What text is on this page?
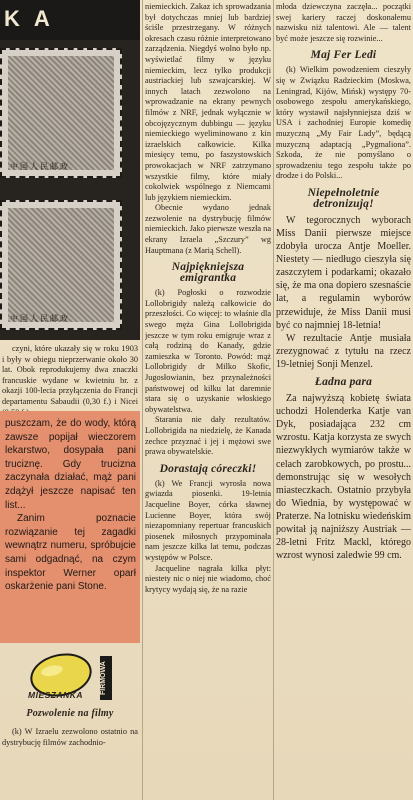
KA
中国人民邮政
中国人民邮政

czyni, które ukazały się w roku 1903 i były w obiegu nieprzerwanie około 30 lat. Obok reprodukujemy dwa znaczki francuskie wydane w kwietniu br. z okazji 100-lecia przyłączenia do Francji departamentu Sabaudii (0,30 f.) i Nicei

puszczam, że do wody, którą zawsze popijał wieczorem lekarstwo, dosypała pani truciznę. Gdy trucizna zaczynała działać, mąż pani zdążył jeszcze napisać ten list...

Zanim poznacie rozwiązanie tej zagadki wewnątrz numeru, spróbujcie sami odgadnąć, na czym inspektor Werner oparł oskarżenie pani Stone.

MIESZANKA
FIRMOWA
Pozwolenie na filmy

(k) W Izraelu zezwolono ostatnio na dystrybucję filmów zachodnio-

niemieckich. Zakaz ich sprowadzania był dotychczas mniej lub bardziej ściśle przestrzegany. W różnych okresach czasu różnie interpretowano zarządzenia. Niegdyś wolno było np. wyświetlać filmy w języku niemieckim, lecz tylko produkcji austriackiej lub szwajcarskiej. W innych latach zezwolono na wprowadzanie na ekrany pewnych filmów z NRF, jednak wyłącznie w obcojęzycznym dubbingu — języku niemieckiego wyeliminowano z kin izraelskich całkowicie. Kilka miesięcy temu, po faszystowskich prowokacjach w NRF zatrzymano wszystkie filmy, które miały cokolwiek wspólnego z Niemcami lub językiem niemieckim.

Obecnie wydano jednak zezwolenie na dystrybucję filmów niemieckich. Jako pierwsze weszła na ekrany Izraela „Szczury” wg Hauptmana (z Marią Schell).

Najpiękniejsza emigrantka

(k) Pogłoski o rozwodzie Lollobrigidy należą całkowicie do przeszłości. Co więcej: to właśnie dla swego męża Gina Lollobrigida jeszcze w tym roku emigruje wraz z całą rodziną do Kanady, gdzie zamieszka w Toronto. Powód: mąż Lollobrigidy dr Milko Skofic, Jugosłowianin, bez przynależności państwowej od kilku lat daremnie stara się o uzyskanie włoskiego obywatelstwa.

Starania nie dały rezultatów. Lollobrigida na niedzielę, że Kanada zechce przyznać i jej i mężowi swe prawa obywatelskie.

Dorastają córeczki!

(k) We Francji wyrosła nowa gwiazda piosenki. 19-letnia Jacqueline Boyer, córka sławnej Lucienne Boyer, która swój niezapomniany repertuar francuskich piosenek miłosnych przypominała nam jeszcze kilka lat temu, podczas występów w Polsce.

Jacqueline nagrała kilka płyt: niestety nic o niej nie wiadomo, choć krytycy wydają się, że na razie

młoda dziewczyna zaczęła... początki swej kariery raczej doskonałemu nazwisku niż talentowi. Ale — talent być może jeszcze się rozwinie...

Maj Fer Ledi

(k) Wielkim powodzeniem cieszyły się w Związku Radzieckim (Moskwa, Leningrad, Kijów, Mińsk) występy 70-osobowego zespołu amerykańskiego, który wystawił najsłynniejsza dziś w USA i zachodniej Europie komedię muzyczną „My Fair Lady”, będącą muzyczną adaptacją „Pygmaliona”. Szkoda, że nie pomyślano o sprowadzeniu tego zespołu także po drodze i do Polski...

Niepełnoletnie detronizują!

W tegorocznych wyborach Miss Danii pierwsze miejsce zdobyła urocza Antje Moeller. Niestety — niedługo cieszyła się zaszczytem i podarkami; okazało się, że ma ona dopiero szesnaście lat, a regulamin wyborów przewiduje, że Miss Danii musi być co najmniej 18-letnia!

W rezultacie Antje musiała zrezygnować z tytułu na rzecz 19-letniej Sonji Menzel.

Ładna para

Za najwyższą kobietę świata uchodzi Holenderka Katje van Dyk, posiadająca 232 cm wzrostu. Katja korzysta ze swych niezwykłych wymiarów także w celach zarobkowych, po prostu... demonstrując się w wesołych miasteczkach. Ostatnio przybyła do Wiednia, by występować w Praterze. Na lotnisku wiedeńskim powitał ją najniższy Austriak — 28-letni Fritz Mackl, którego wzrost wynosi zaledwie 99 cm.
